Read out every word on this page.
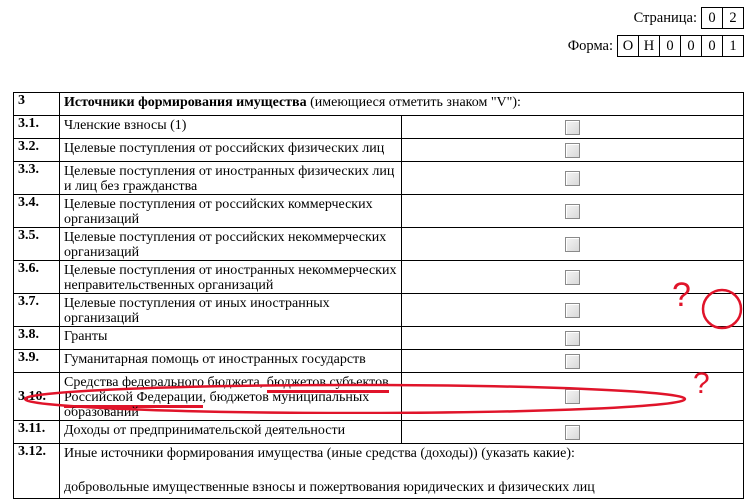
Страница: 0 2
Форма: О Н 0 0 0 1
3	Источники формирования имущества (имеющиеся отметить знаком "V"):	
3.1.	Членские взносы (1)	
3.2.	Целевые поступления от российских физических лиц	
3.3.	Целевые поступления от иностранных физических лиц и лиц без гражданства	
3.4.	Целевые поступления от российских коммерческих организаций	
3.5.	Целевые поступления от российских некоммерческих организаций	
3.6.	Целевые поступления от иностранных некоммерческих неправительственных организаций	
3.7.	Целевые поступления от иных иностранных организаций	
3.8.	Гранты	
3.9.	Гуманитарная помощь от иностранных государств	
3.10.	Средства федерального бюджета, бюджетов субъектов Российской Федерации, бюджетов муниципальных образований	
3.11.	Доходы от предпринимательской деятельности	
3.12.	Иные источники формирования имущества (иные средства (доходы)) (указать какие):
добровольные имущественные взносы и пожертвования юридических и физических лиц	
?
?
